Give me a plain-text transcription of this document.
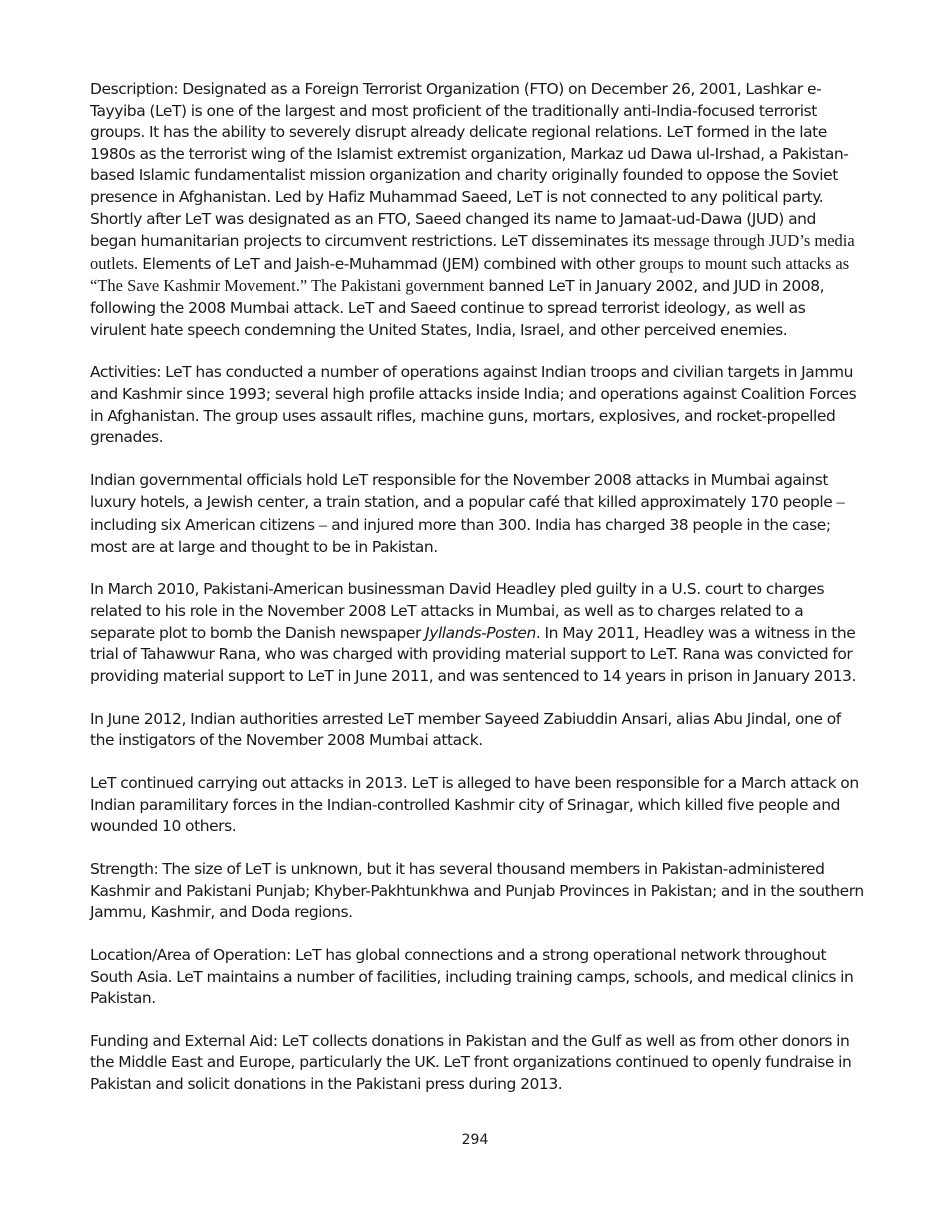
Description: Designated as a Foreign Terrorist Organization (FTO) on December 26, 2001, Lashkar e-Tayyiba (LeT) is one of the largest and most proficient of the traditionally anti-India-focused terrorist groups. It has the ability to severely disrupt already delicate regional relations. LeT formed in the late 1980s as the terrorist wing of the Islamist extremist organization, Markaz ud Dawa ul-Irshad, a Pakistan-based Islamic fundamentalist mission organization and charity originally founded to oppose the Soviet presence in Afghanistan. Led by Hafiz Muhammad Saeed, LeT is not connected to any political party. Shortly after LeT was designated as an FTO, Saeed changed its name to Jamaat-ud-Dawa (JUD) and began humanitarian projects to circumvent restrictions. LeT disseminates its message through JUD’s media outlets. Elements of LeT and Jaish-e-Muhammad (JEM) combined with other groups to mount such attacks as “The Save Kashmir Movement.” The Pakistani government banned LeT in January 2002, and JUD in 2008, following the 2008 Mumbai attack. LeT and Saeed continue to spread terrorist ideology, as well as virulent hate speech condemning the United States, India, Israel, and other perceived enemies.

Activities: LeT has conducted a number of operations against Indian troops and civilian targets in Jammu and Kashmir since 1993; several high profile attacks inside India; and operations against Coalition Forces in Afghanistan. The group uses assault rifles, machine guns, mortars, explosives, and rocket-propelled grenades.

Indian governmental officials hold LeT responsible for the November 2008 attacks in Mumbai against luxury hotels, a Jewish center, a train station, and a popular café that killed approximately 170 people – including six American citizens – and injured more than 300. India has charged 38 people in the case; most are at large and thought to be in Pakistan.

In March 2010, Pakistani-American businessman David Headley pled guilty in a U.S. court to charges related to his role in the November 2008 LeT attacks in Mumbai, as well as to charges related to a separate plot to bomb the Danish newspaper Jyllands-Posten. In May 2011, Headley was a witness in the trial of Tahawwur Rana, who was charged with providing material support to LeT. Rana was convicted for providing material support to LeT in June 2011, and was sentenced to 14 years in prison in January 2013.

In June 2012, Indian authorities arrested LeT member Sayeed Zabiuddin Ansari, alias Abu Jindal, one of the instigators of the November 2008 Mumbai attack.

LeT continued carrying out attacks in 2013. LeT is alleged to have been responsible for a March attack on Indian paramilitary forces in the Indian-controlled Kashmir city of Srinagar, which killed five people and wounded 10 others.

Strength: The size of LeT is unknown, but it has several thousand members in Pakistan-administered Kashmir and Pakistani Punjab; Khyber-Pakhtunkhwa and Punjab Provinces in Pakistan; and in the southern Jammu, Kashmir, and Doda regions.

Location/Area of Operation: LeT has global connections and a strong operational network throughout South Asia. LeT maintains a number of facilities, including training camps, schools, and medical clinics in Pakistan.

Funding and External Aid: LeT collects donations in Pakistan and the Gulf as well as from other donors in the Middle East and Europe, particularly the UK. LeT front organizations continued to openly fundraise in Pakistan and solicit donations in the Pakistani press during 2013.

294
